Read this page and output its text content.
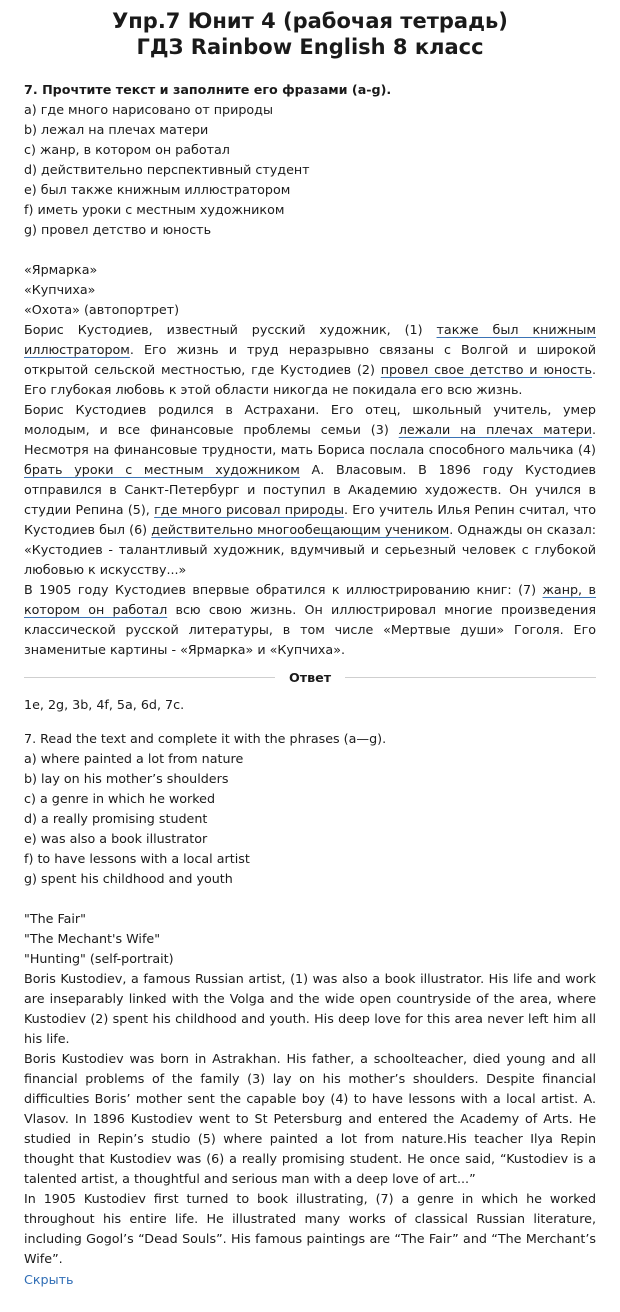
Упр.7 Юнит 4 (рабочая тетрадь)
ГДЗ Rainbow English 8 класс

7. Прочтите текст и заполните его фразами (a-g).

a) где много нарисовано от природы

b) лежал на плечах матери

c) жанр, в котором он работал

d) действительно перспективный студент

e) был также книжным иллюстратором

f) иметь уроки с местным художником

g) провел детство и юность

«Ярмарка»

«Купчиха»

«Охота» (автопортрет)

Борис Кустодиев, известный русский художник, (1) также был книжным иллюстратором. Его жизнь и труд неразрывно связаны с Волгой и широкой открытой сельской местностью, где Кустодиев (2) провел свое детство и юность. Его глубокая любовь к этой области никогда не покидала его всю жизнь.

Борис Кустодиев родился в Астрахани. Его отец, школьный учитель, умер молодым, и все финансовые проблемы семьи (3) лежали на плечах матери. Несмотря на финансовые трудности, мать Бориса послала способного мальчика (4) брать уроки с местным художником А. Власовым. В 1896 году Кустодиев отправился в Санкт-Петербург и поступил в Академию художеств. Он учился в студии Репина (5), где много рисовал природы. Его учитель Илья Репин считал, что Кустодиев был (6) действительно многообещающим учеником. Однажды он сказал: «Кустодиев - талантливый художник, вдумчивый и серьезный человек с глубокой любовью к искусству...»

В 1905 году Кустодиев впервые обратился к иллюстрированию книг: (7) жанр, в котором он работал всю свою жизнь. Он иллюстрировал многие произведения классической русской литературы, в том числе «Мертвые души» Гоголя. Его знаменитые картины - «Ярмарка» и «Купчиха».

Ответ

1e, 2g, 3b, 4f, 5a, 6d, 7c.

7. Read the text and complete it with the phrases (a—g).

a) where painted a lot from nature

b) lay on his mother’s shoulders

c) a genre in which he worked

d) a really promising student

e) was also a book illustrator

f) to have lessons with a local artist

g) spent his childhood and youth

"The Fair"

"The Mechant's Wife"

"Hunting" (self-portrait)

Boris Kustodiev, a famous Russian artist, (1) was also a book illustrator. His life and work are inseparably linked with the Volga and the wide open countryside of the area, where Kustodiev (2) spent his childhood and youth. His deep love for this area never left him all his life.

Boris Kustodiev was born in Astrakhan. His father, a schoolteacher, died young and all financial problems of the family (3) lay on his mother’s shoulders. Despite financial difficulties Boris’ mother sent the capable boy (4) to have lessons with a local artist. A. Vlasov. In 1896 Kustodiev went to St Petersburg and entered the Academy of Arts. He studied in Repin’s studio (5) where painted a lot from nature.His teacher Ilya Repin thought that Kustodiev was (6) a really promising student. He once said, “Kustodiev is a talented artist, a thoughtful and serious man with a deep love of art...”

In 1905 Kustodiev first turned to book illustrating, (7) a genre in which he worked throughout his entire life. He illustrated many works of classical Russian literature, including Gogol’s “Dead Souls”. His famous paintings are “The Fair” and “The Merchant’s Wife”.

Скрыть
